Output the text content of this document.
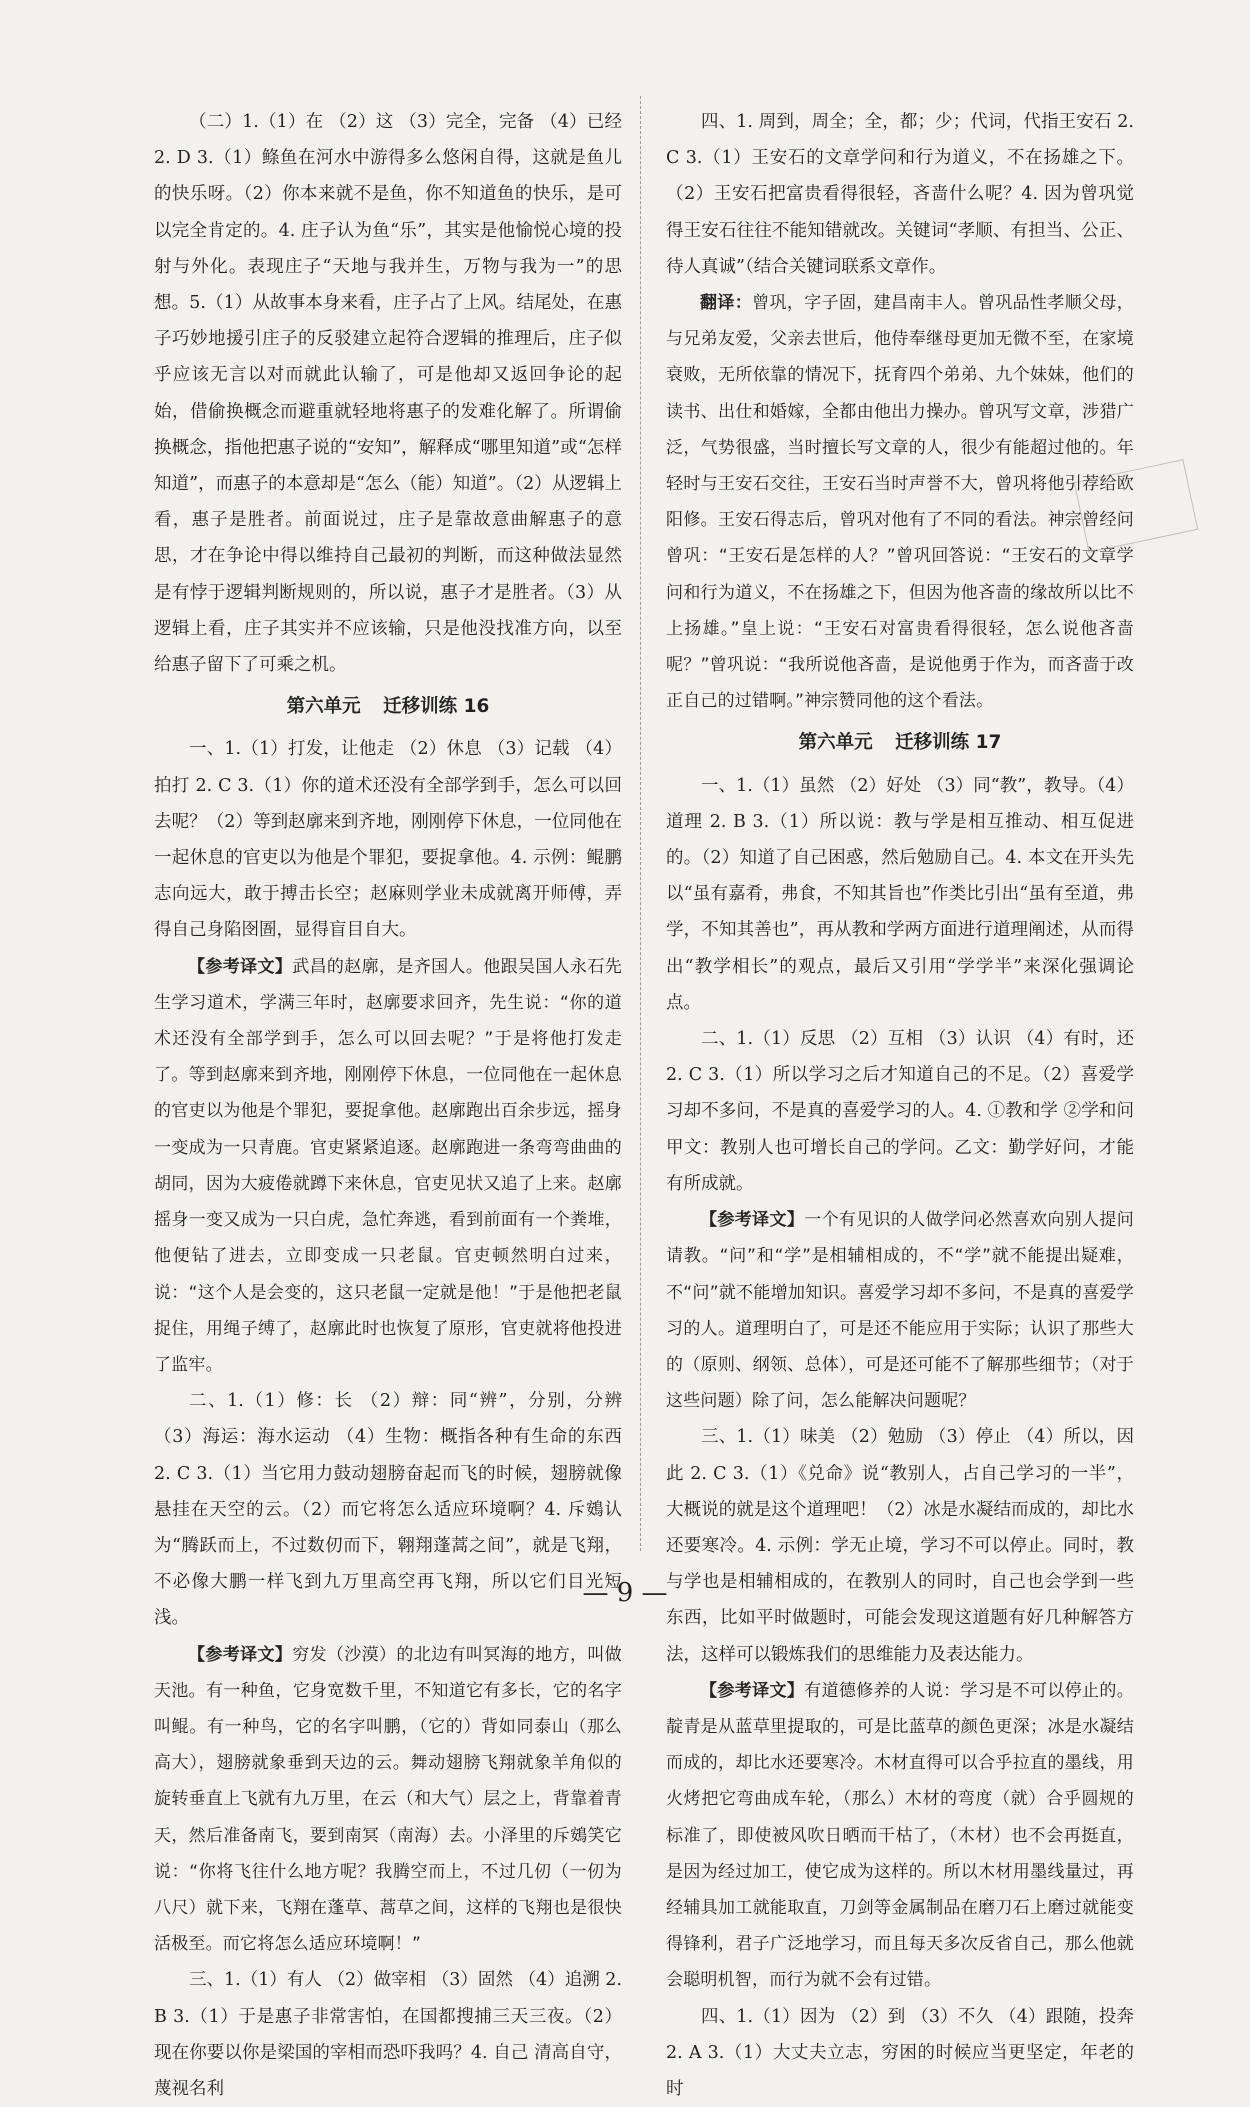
（二）1.（1）在 （2）这 （3）完全，完备 （4）已经 2. D 3.（1）鲦鱼在河水中游得多么悠闲自得，这就是鱼儿的快乐呀。（2）你本来就不是鱼，你不知道鱼的快乐，是可以完全肯定的。4. 庄子认为鱼“乐”，其实是他愉悦心境的投射与外化。表现庄子“天地与我并生，万物与我为一”的思想。5.（1）从故事本身来看，庄子占了上风。结尾处，在惠子巧妙地援引庄子的反驳建立起符合逻辑的推理后，庄子似乎应该无言以对而就此认输了，可是他却又返回争论的起始，借偷换概念而避重就轻地将惠子的发难化解了。所谓偷换概念，指他把惠子说的“安知”，解释成“哪里知道”或“怎样知道”，而惠子的本意却是“怎么（能）知道”。（2）从逻辑上看，惠子是胜者。前面说过，庄子是靠故意曲解惠子的意思，才在争论中得以维持自己最初的判断，而这种做法显然是有悖于逻辑判断规则的，所以说，惠子才是胜者。（3）从逻辑上看，庄子其实并不应该输，只是他没找准方向，以至给惠子留下了可乘之机。

第六单元 迁移训练 16

一、1.（1）打发，让他走 （2）休息 （3）记载 （4）拍打 2. C 3.（1）你的道术还没有全部学到手，怎么可以回去呢？（2）等到赵廓来到齐地，刚刚停下休息，一位同他在一起休息的官吏以为他是个罪犯，要捉拿他。4. 示例：鲲鹏志向远大，敢于搏击长空；赵麻则学业未成就离开师傅，弄得自己身陷囹圄，显得盲目自大。

【参考译文】武昌的赵廓，是齐国人。他跟吴国人永石先生学习道术，学满三年时，赵廓要求回齐，先生说：“你的道术还没有全部学到手，怎么可以回去呢？”于是将他打发走了。等到赵廓来到齐地，刚刚停下休息，一位同他在一起休息的官吏以为他是个罪犯，要捉拿他。赵廓跑出百余步远，摇身一变成为一只青鹿。官吏紧紧追逐。赵廓跑进一条弯弯曲曲的胡同，因为大疲倦就蹲下来休息，官吏见状又追了上来。赵廓摇身一变又成为一只白虎，急忙奔逃，看到前面有一个粪堆，他便钻了进去，立即变成一只老鼠。官吏顿然明白过来，说：“这个人是会变的，这只老鼠一定就是他！”于是他把老鼠捉住，用绳子缚了，赵廓此时也恢复了原形，官吏就将他投进了监牢。

二、1.（1）修：长 （2）辩：同“辨”，分别，分辨 （3）海运：海水运动 （4）生物：概指各种有生命的东西 2. C 3.（1）当它用力鼓动翅膀奋起而飞的时候，翅膀就像悬挂在天空的云。（2）而它将怎么适应环境啊？4. 斥鴳认为“腾跃而上，不过数仞而下，翱翔蓬蒿之间”，就是飞翔，不必像大鹏一样飞到九万里高空再飞翔，所以它们目光短浅。

【参考译文】穷发（沙漠）的北边有叫冥海的地方，叫做天池。有一种鱼，它身宽数千里，不知道它有多长，它的名字叫鲲。有一种鸟，它的名字叫鹏，（它的）背如同泰山（那么高大），翅膀就象垂到天边的云。舞动翅膀飞翔就象羊角似的旋转垂直上飞就有九万里，在云（和大气）层之上，背靠着青天，然后准备南飞，要到南冥（南海）去。小泽里的斥鴳笑它说：“你将飞往什么地方呢？我腾空而上，不过几仞（一仞为八尺）就下来，飞翔在蓬草、蒿草之间，这样的飞翔也是很快活极至。而它将怎么适应环境啊！”

三、1.（1）有人 （2）做宰相 （3）固然 （4）追溯 2. B 3.（1）于是惠子非常害怕，在国都搜捕三天三夜。（2）现在你要以你是梁国的宰相而恐吓我吗？4. 自己 清高自守，蔑视名利

四、1. 周到，周全；全，都；少；代词，代指王安石 2. C 3.（1）王安石的文章学问和行为道义，不在扬雄之下。（2）王安石把富贵看得很轻，吝啬什么呢？4. 因为曾巩觉得王安石往往不能知错就改。关键词“孝顺、有担当、公正、待人真诚”（结合关键词联系文章作。

翻译：曾巩，字子固，建昌南丰人。曾巩品性孝顺父母，与兄弟友爱，父亲去世后，他侍奉继母更加无微不至，在家境衰败，无所依靠的情况下，抚育四个弟弟、九个妹妹，他们的读书、出仕和婚嫁，全都由他出力操办。曾巩写文章，涉猎广泛，气势很盛，当时擅长写文章的人，很少有能超过他的。年轻时与王安石交往，王安石当时声誉不大，曾巩将他引荐给欧阳修。王安石得志后，曾巩对他有了不同的看法。神宗曾经问曾巩：“王安石是怎样的人？”曾巩回答说：“王安石的文章学问和行为道义，不在扬雄之下，但因为他吝啬的缘故所以比不上扬雄。”皇上说：“王安石对富贵看得很轻，怎么说他吝啬呢？”曾巩说：“我所说他吝啬，是说他勇于作为，而吝啬于改正自己的过错啊。”神宗赞同他的这个看法。

第六单元 迁移训练 17

一、1.（1）虽然 （2）好处 （3）同“教”，教导。（4）道理 2. B 3.（1）所以说：教与学是相互推动、相互促进的。（2）知道了自己困惑，然后勉励自己。4. 本文在开头先以“虽有嘉肴，弗食，不知其旨也”作类比引出“虽有至道，弗学，不知其善也”，再从教和学两方面进行道理阐述，从而得出“教学相长”的观点，最后又引用“学学半”来深化强调论点。

二、1.（1）反思 （2）互相 （3）认识 （4）有时，还 2. C 3.（1）所以学习之后才知道自己的不足。（2）喜爱学习却不多问，不是真的喜爱学习的人。4. ①教和学 ②学和问 甲文：教别人也可增长自己的学问。乙文：勤学好问，才能有所成就。

【参考译文】一个有见识的人做学问必然喜欢向别人提问请教。“问”和“学”是相辅相成的，不“学”就不能提出疑难，不“问”就不能增加知识。喜爱学习却不多问，不是真的喜爱学习的人。道理明白了，可是还不能应用于实际；认识了那些大的（原则、纲领、总体），可是还可能不了解那些细节；（对于这些问题）除了问，怎么能解决问题呢？

三、1.（1）味美 （2）勉励 （3）停止 （4）所以，因此 2. C 3.（1）《兑命》说“教别人，占自己学习的一半”，大概说的就是这个道理吧！（2）冰是水凝结而成的，却比水还要寒冷。4. 示例：学无止境，学习不可以停止。同时，教与学也是相辅相成的，在教别人的同时，自己也会学到一些东西，比如平时做题时，可能会发现这道题有好几种解答方法，这样可以锻炼我们的思维能力及表达能力。

【参考译文】有道德修养的人说：学习是不可以停止的。靛青是从蓝草里提取的，可是比蓝草的颜色更深；冰是水凝结而成的，却比水还要寒冷。木材直得可以合乎拉直的墨线，用火烤把它弯曲成车轮，（那么）木材的弯度（就）合乎圆规的标准了，即使被风吹日晒而干枯了，（木材）也不会再挺直，是因为经过加工，使它成为这样的。所以木材用墨线量过，再经辅具加工就能取直，刀剑等金属制品在磨刀石上磨过就能变得锋利，君子广泛地学习，而且每天多次反省自己，那么他就会聪明机智，而行为就不会有过错。

四、1.（1）因为 （2）到 （3）不久 （4）跟随，投奔 2. A 3.（1）大丈夫立志，穷困的时候应当更坚定，年老的时

— 9 —
